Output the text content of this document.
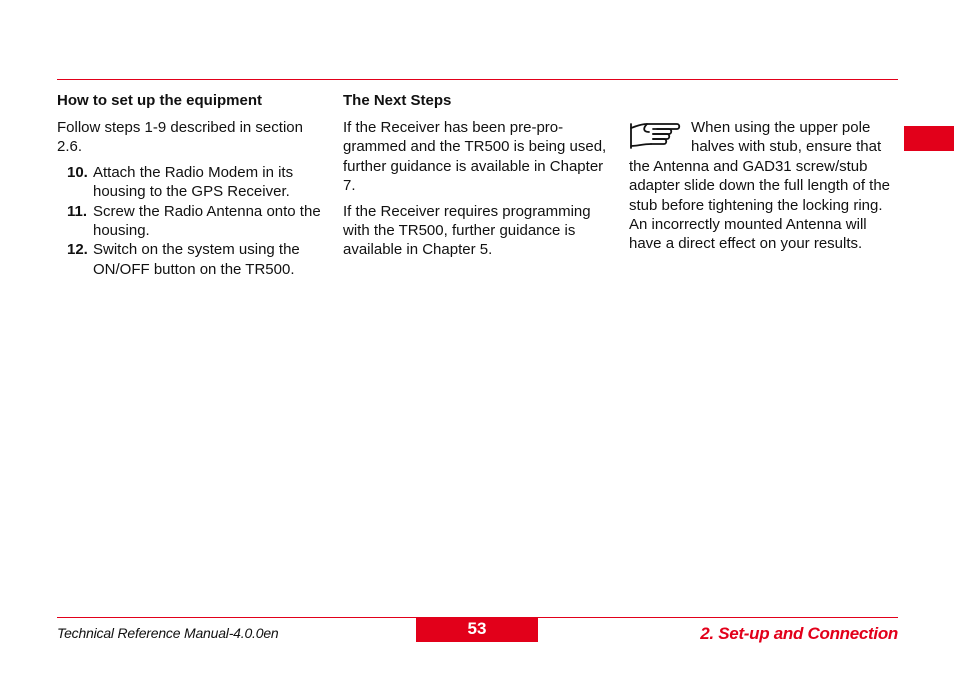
How to set up the equipment

Follow steps 1-9 described in section 2.6.

10. Attach the Radio Modem in its housing to the GPS Receiver.
11. Screw the Radio Antenna onto the housing.
12. Switch on the system using the ON/OFF button on the TR500.
The Next Steps

If the Receiver has been pre-pro-grammed and the TR500 is being used, further guidance is available in Chapter 7.

If the Receiver requires programming with the TR500, further guidance is available in Chapter 5.

When using the upper pole halves with stub, ensure that the Antenna and GAD31 screw/stub adapter slide down the full length of the stub before tightening the locking ring. An incorrectly mounted Antenna will have a direct effect on your results.
Technical Reference Manual-4.0.0en	53	2. Set-up and Connection
